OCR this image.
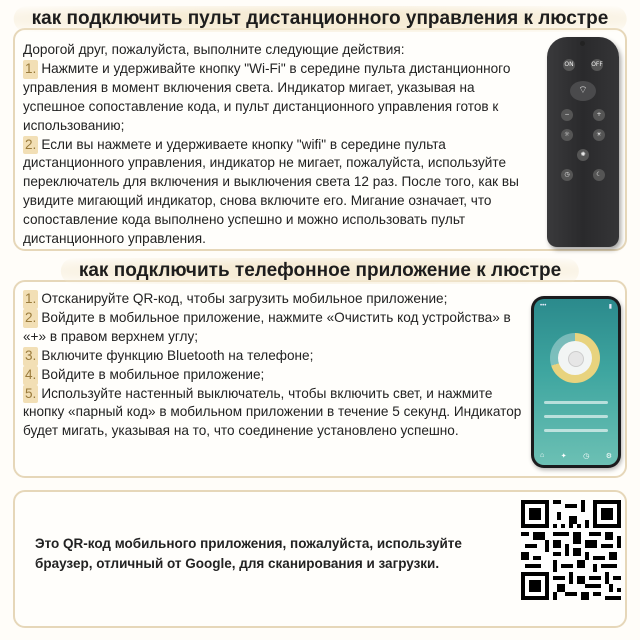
как подключить пульт дистанционного управления к люстре
Дорогой друг, пожалуйста, выполните следующие действия:
1. Нажмите и удерживайте кнопку "Wi-Fi" в середине пульта дистанционного управления в момент включения света. Индикатор мигает, указывая на успешное сопоставление кода, и пульт дистанционного управления готов к использованию;
2. Если вы нажмете и удерживаете кнопку "wifi" в середине пульта дистанционного управления, индикатор не мигает, пожалуйста, используйте переключатель для включения и выключения света 12 раз. После того, как вы увидите мигающий индикатор, снова включите его. Мигание означает, что сопоставление кода выполнено успешно и можно использовать пульт дистанционного управления.
ON	OFF
⌔
−	+
☼	☀
✺
◷	☾
как подключить телефонное приложение к люстре
1. Отсканируйте QR-код, чтобы загрузить мобильное приложение;
2. Войдите в мобильное приложение, нажмите «Очистить код устройства» в «+» в правом верхнем углу;
3. Включите функцию Bluetooth на телефоне;
4. Войдите в мобильное приложение;
5. Используйте настенный выключатель, чтобы включить свет, и нажмите кнопку «парный код» в мобильном приложении в течение 5 секунд. Индикатор будет мигать, указывая на то, что соединение установлено успешно.
•••	▮
⌂ ✦ ◷ ⚙
Это QR-код мобильного приложения, пожалуйста, используйте браузер, отличный от Google, для сканирования и загрузки.
